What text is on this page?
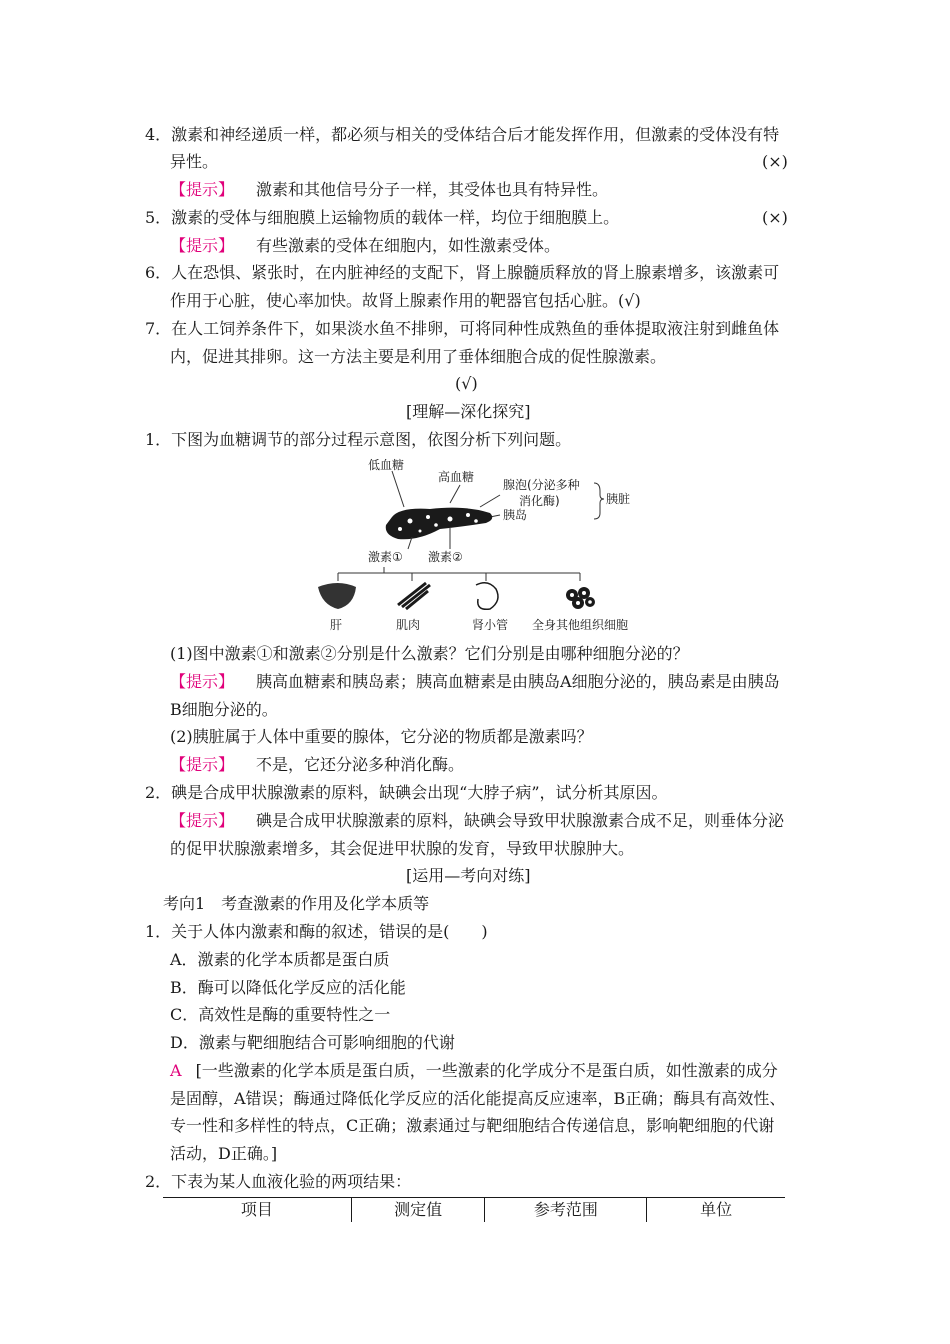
4．激素和神经递质一样，都必须与相关的受体结合后才能发挥作用，但激素的受体没有特
异性。	(×)
【提示】 激素和其他信号分子一样，其受体也具有特异性。
5．激素的受体与细胞膜上运输物质的载体一样，均位于细胞膜上。	(×)
【提示】 有些激素的受体在细胞内，如性激素受体。
6．人在恐惧、紧张时，在内脏神经的支配下，肾上腺髓质释放的肾上腺素增多，该激素可
作用于心脏，使心率加快。故肾上腺素作用的靶器官包括心脏。(√)
7．在人工饲养条件下，如果淡水鱼不排卵，可将同种性成熟鱼的垂体提取液注射到雌鱼体
内，促进其排卵。这一方法主要是利用了垂体细胞合成的促性腺激素。
(√)
[理解—深化探究]
1．下图为血糖调节的部分过程示意图，依图分析下列问题。
低血糖
高血糖
腺泡(分泌多种
消化酶)
胰岛
胰脏
激素① 激素②
肝	肌肉	肾小管 全身其他组织细胞
(1)图中激素①和激素②分别是什么激素？它们分别是由哪种细胞分泌的？
【提示】 胰高血糖素和胰岛素；胰高血糖素是由胰岛A细胞分泌的，胰岛素是由胰岛
B细胞分泌的。
(2)胰脏属于人体中重要的腺体，它分泌的物质都是激素吗？
【提示】 不是，它还分泌多种消化酶。
2．碘是合成甲状腺激素的原料，缺碘会出现“大脖子病”，试分析其原因。
【提示】 碘是合成甲状腺激素的原料，缺碘会导致甲状腺激素合成不足，则垂体分泌
的促甲状腺激素增多，其会促进甲状腺的发育，导致甲状腺肿大。
[运用—考向对练]
考向1　考查激素的作用及化学本质等
1．关于人体内激素和酶的叙述，错误的是(　　)
A．激素的化学本质都是蛋白质
B．酶可以降低化学反应的活化能
C．高效性是酶的重要特性之一
D．激素与靶细胞结合可影响细胞的代谢
A [一些激素的化学本质是蛋白质，一些激素的化学成分不是蛋白质，如性激素的成分
是固醇，A错误；酶通过降低化学反应的活化能提高反应速率，B正确；酶具有高效性、
专一性和多样性的特点，C正确；激素通过与靶细胞结合传递信息，影响靶细胞的代谢
活动，D正确。]
2．下表为某人血液化验的两项结果：
项目	测定值	参考范围	单位
